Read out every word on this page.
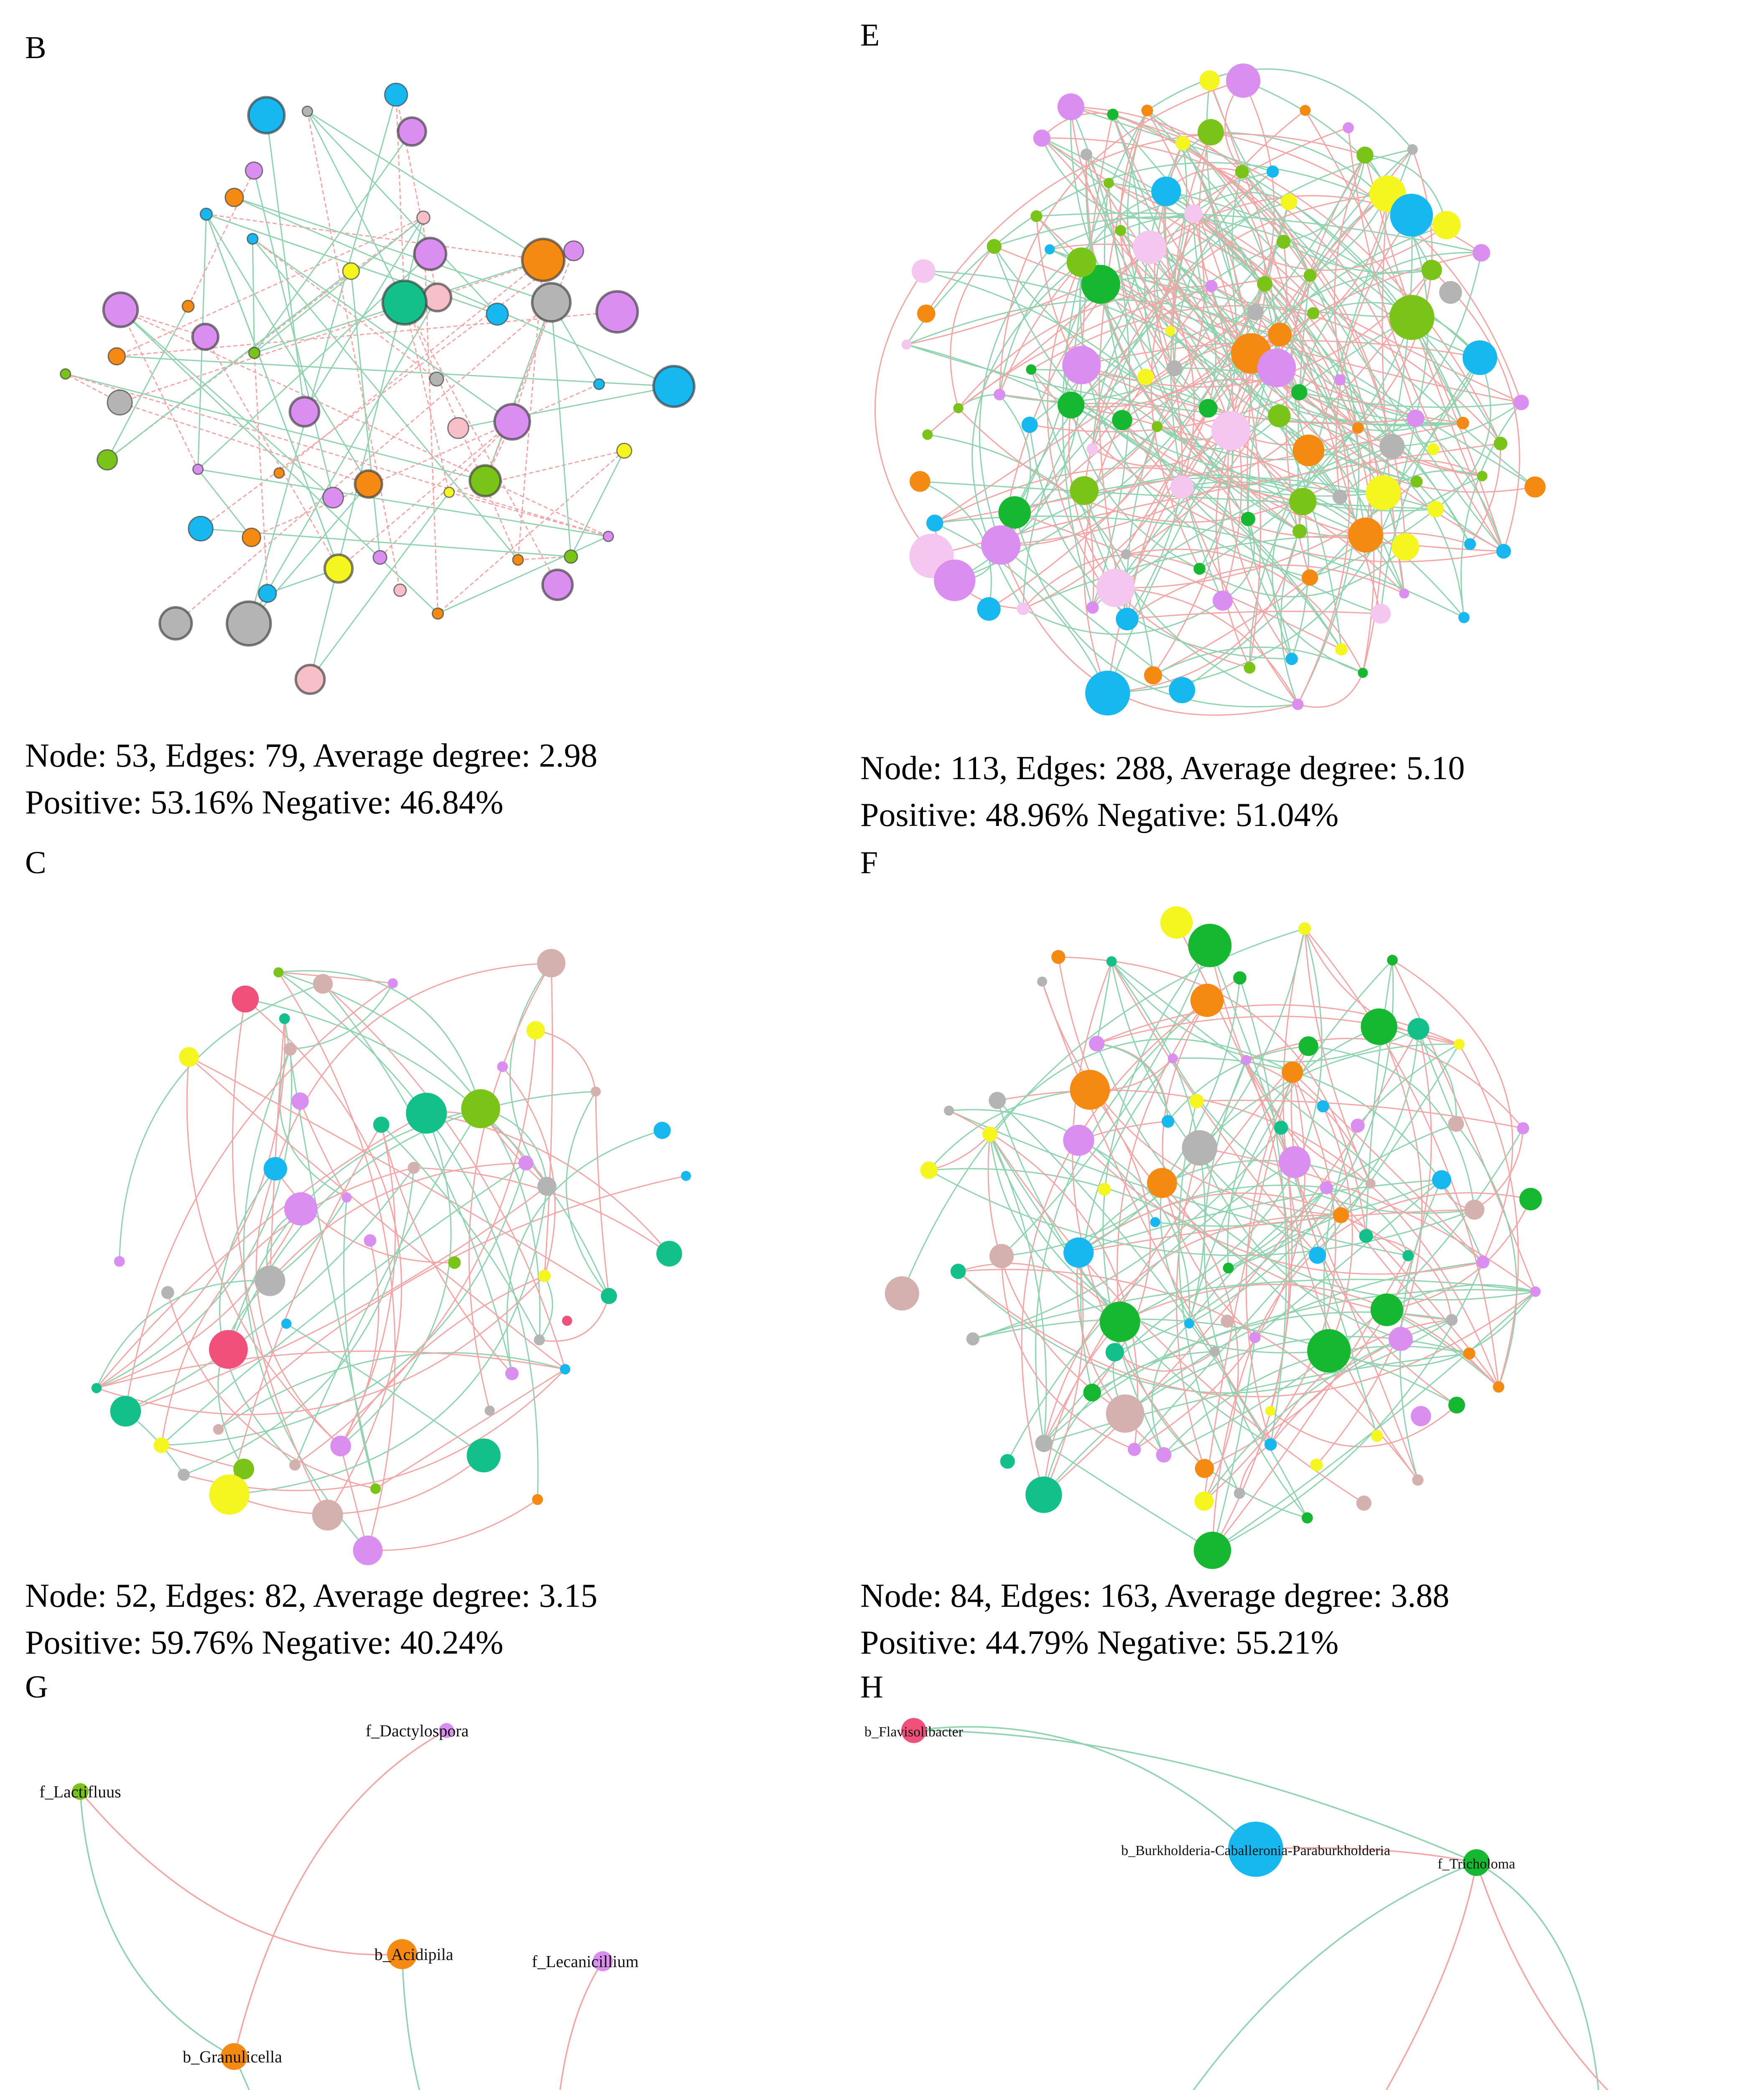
B	E
C	F
G	H
Node: 53, Edges: 79, Average degree: 2.98
Positive: 53.16% Negative: 46.84%
Node: 113, Edges: 288, Average degree: 5.10
Positive: 48.96% Negative: 51.04%
Node: 52, Edges: 82, Average degree: 3.15
Positive: 59.76% Negative: 40.24%
Node: 84, Edges: 163, Average degree: 3.88
Positive: 44.79% Negative: 55.21%
f_Dactylospora
f_Lactifluus
b_Acidipila	f_Lecanicillium
b_Granulicella
b_Flavisolibacter
b_Burkholderia-Caballeronia-Paraburkholderia
f_Tricholoma
